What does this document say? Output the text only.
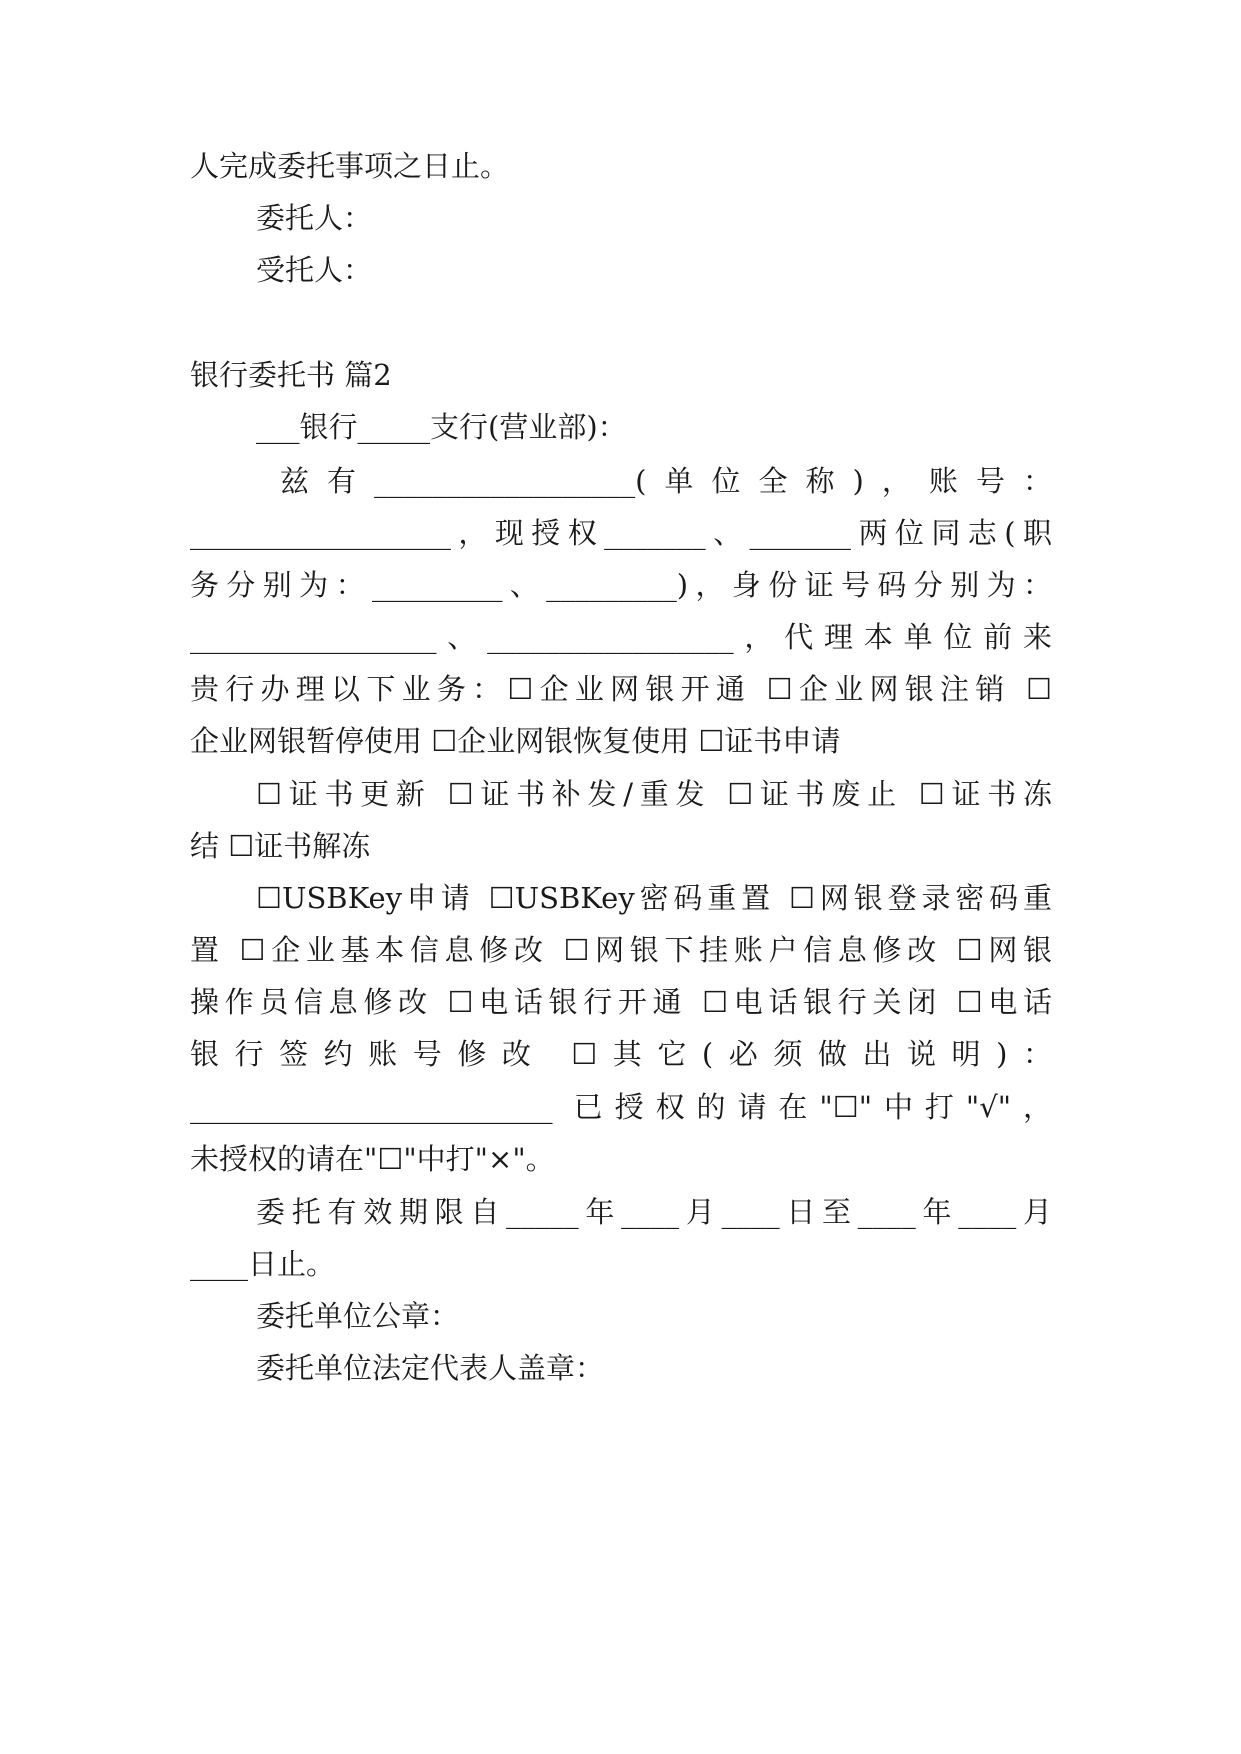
人完成委托事项之日止。
委托人：
受托人：
银行委托书 篇2
___银行_____支行(营业部)：
兹有__________________(单位全称)，账号：
__________________，现授权_______、_______两位同志(职
务分别为：_________、_________)，身份证号码分别为：
_________________、_________________，代理本单位前来
贵行办理以下业务：☐企业网银开通 ☐企业网银注销 ☐
企业网银暂停使用 ☐企业网银恢复使用 ☐证书申请
☐证书更新 ☐证书补发/重发 ☐证书废止 ☐证书冻
结 ☐证书解冻
☐USBKey申请 ☐USBKey密码重置 ☐网银登录密码重
置 ☐企业基本信息修改 ☐网银下挂账户信息修改 ☐网银
操作员信息修改 ☐电话银行开通 ☐电话银行关闭 ☐电话
银行签约账号修改 ☐其它(必须做出说明)：
_________________________ 已授权的请在"☐"中打"√"，
未授权的请在"☐"中打"×"。
委托有效期限自_____年____月____日至____年____月
____日止。
委托单位公章：
委托单位法定代表人盖章：
